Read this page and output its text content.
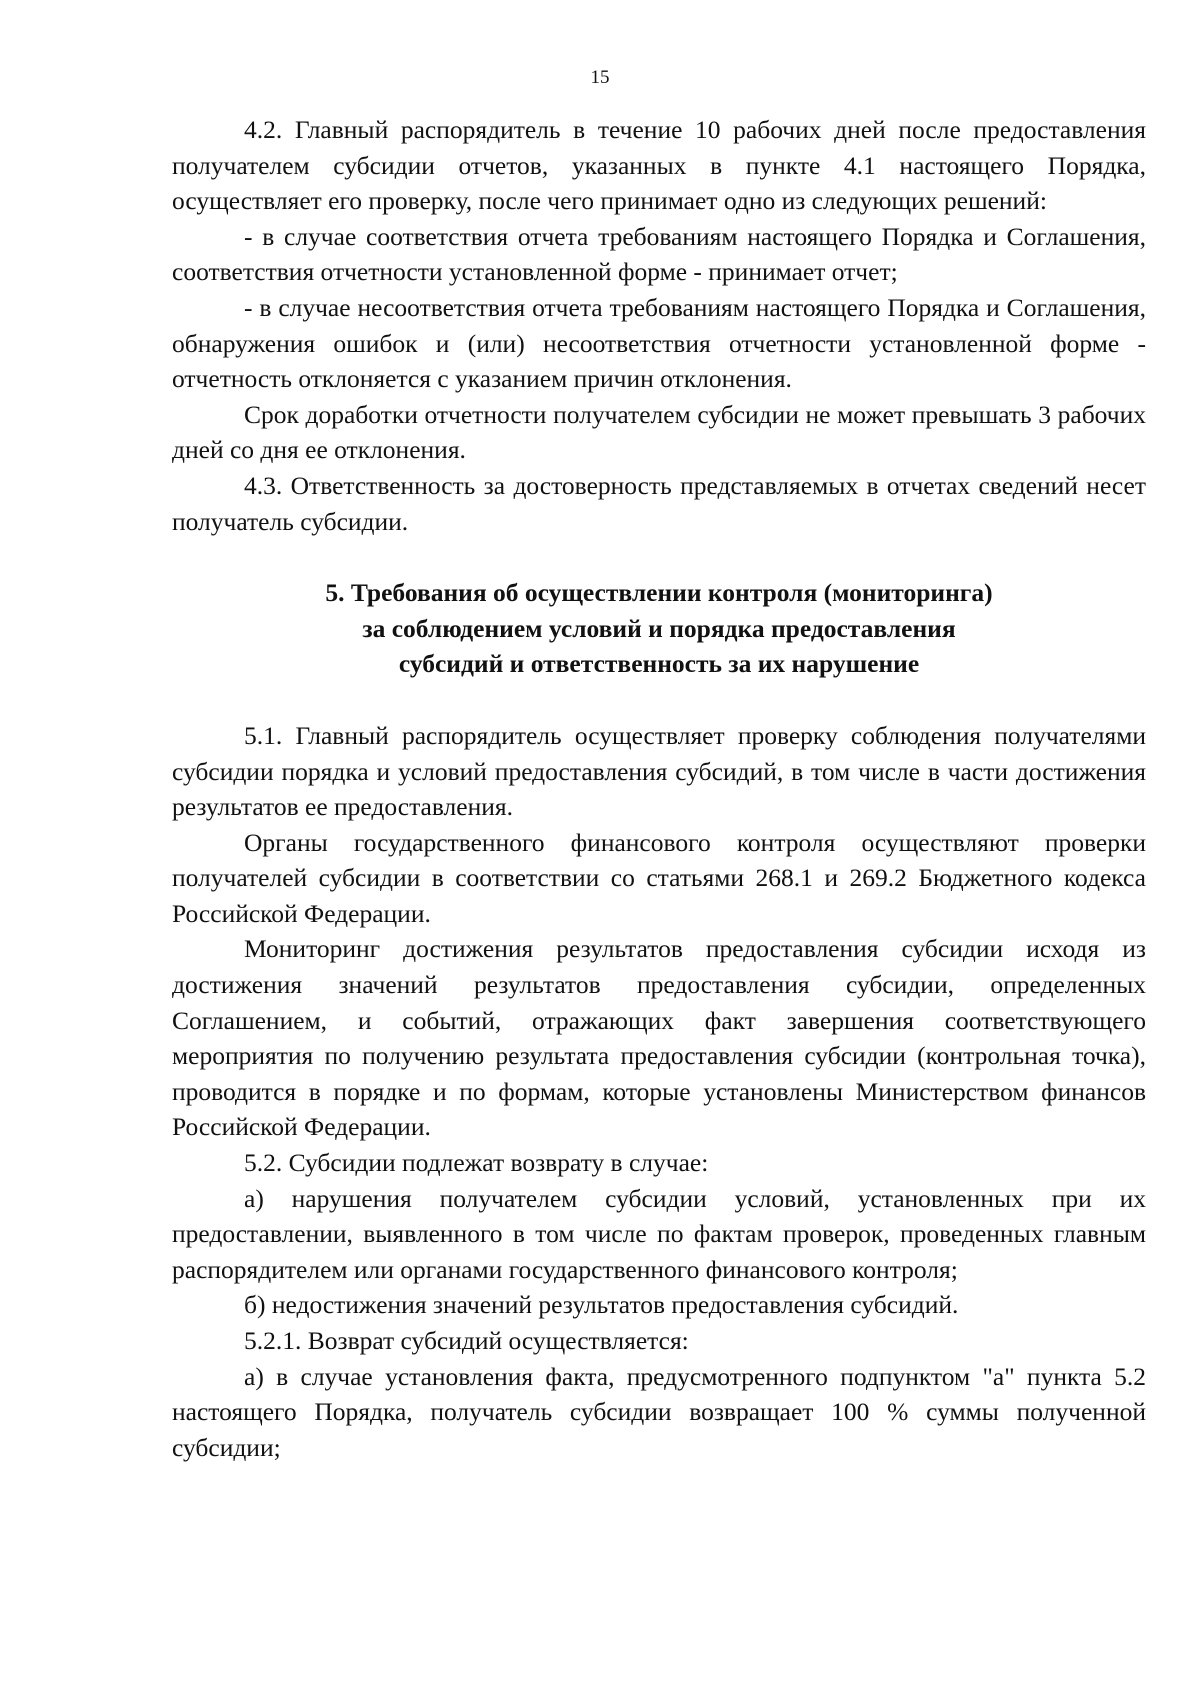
15

4.2. Главный распорядитель в течение 10 рабочих дней после предоставления получателем субсидии отчетов, указанных в пункте 4.1 настоящего Порядка, осуществляет его проверку, после чего принимает одно из следующих решений:

- в случае соответствия отчета требованиям настоящего Порядка и Соглашения, соответствия отчетности установленной форме - принимает отчет;

- в случае несоответствия отчета требованиям настоящего Порядка и Соглашения, обнаружения ошибок и (или) несоответствия отчетности установленной форме - отчетность отклоняется с указанием причин отклонения.

Срок доработки отчетности получателем субсидии не может превышать 3 рабочих дней со дня ее отклонения.

4.3. Ответственность за достоверность представляемых в отчетах сведений несет получатель субсидии.

5. Требования об осуществлении контроля (мониторинга)
за соблюдением условий и порядка предоставления
субсидий и ответственность за их нарушение

5.1. Главный распорядитель осуществляет проверку соблюдения получателями субсидии порядка и условий предоставления субсидий, в том числе в части достижения результатов ее предоставления.

Органы государственного финансового контроля осуществляют проверки получателей субсидии в соответствии со статьями 268.1 и 269.2 Бюджетного кодекса Российской Федерации.

Мониторинг достижения результатов предоставления субсидии исходя из достижения значений результатов предоставления субсидии, определенных Соглашением, и событий, отражающих факт завершения соответствующего мероприятия по получению результата предоставления субсидии (контрольная точка), проводится в порядке и по формам, которые установлены Министерством финансов Российской Федерации.

5.2. Субсидии подлежат возврату в случае:

а) нарушения получателем субсидии условий, установленных при их предоставлении, выявленного в том числе по фактам проверок, проведенных главным распорядителем или органами государственного финансового контроля;

б) недостижения значений результатов предоставления субсидий.

5.2.1. Возврат субсидий осуществляется:

а) в случае установления факта, предусмотренного подпунктом "а" пункта 5.2 настоящего Порядка, получатель субсидии возвращает 100 % суммы полученной субсидии;
